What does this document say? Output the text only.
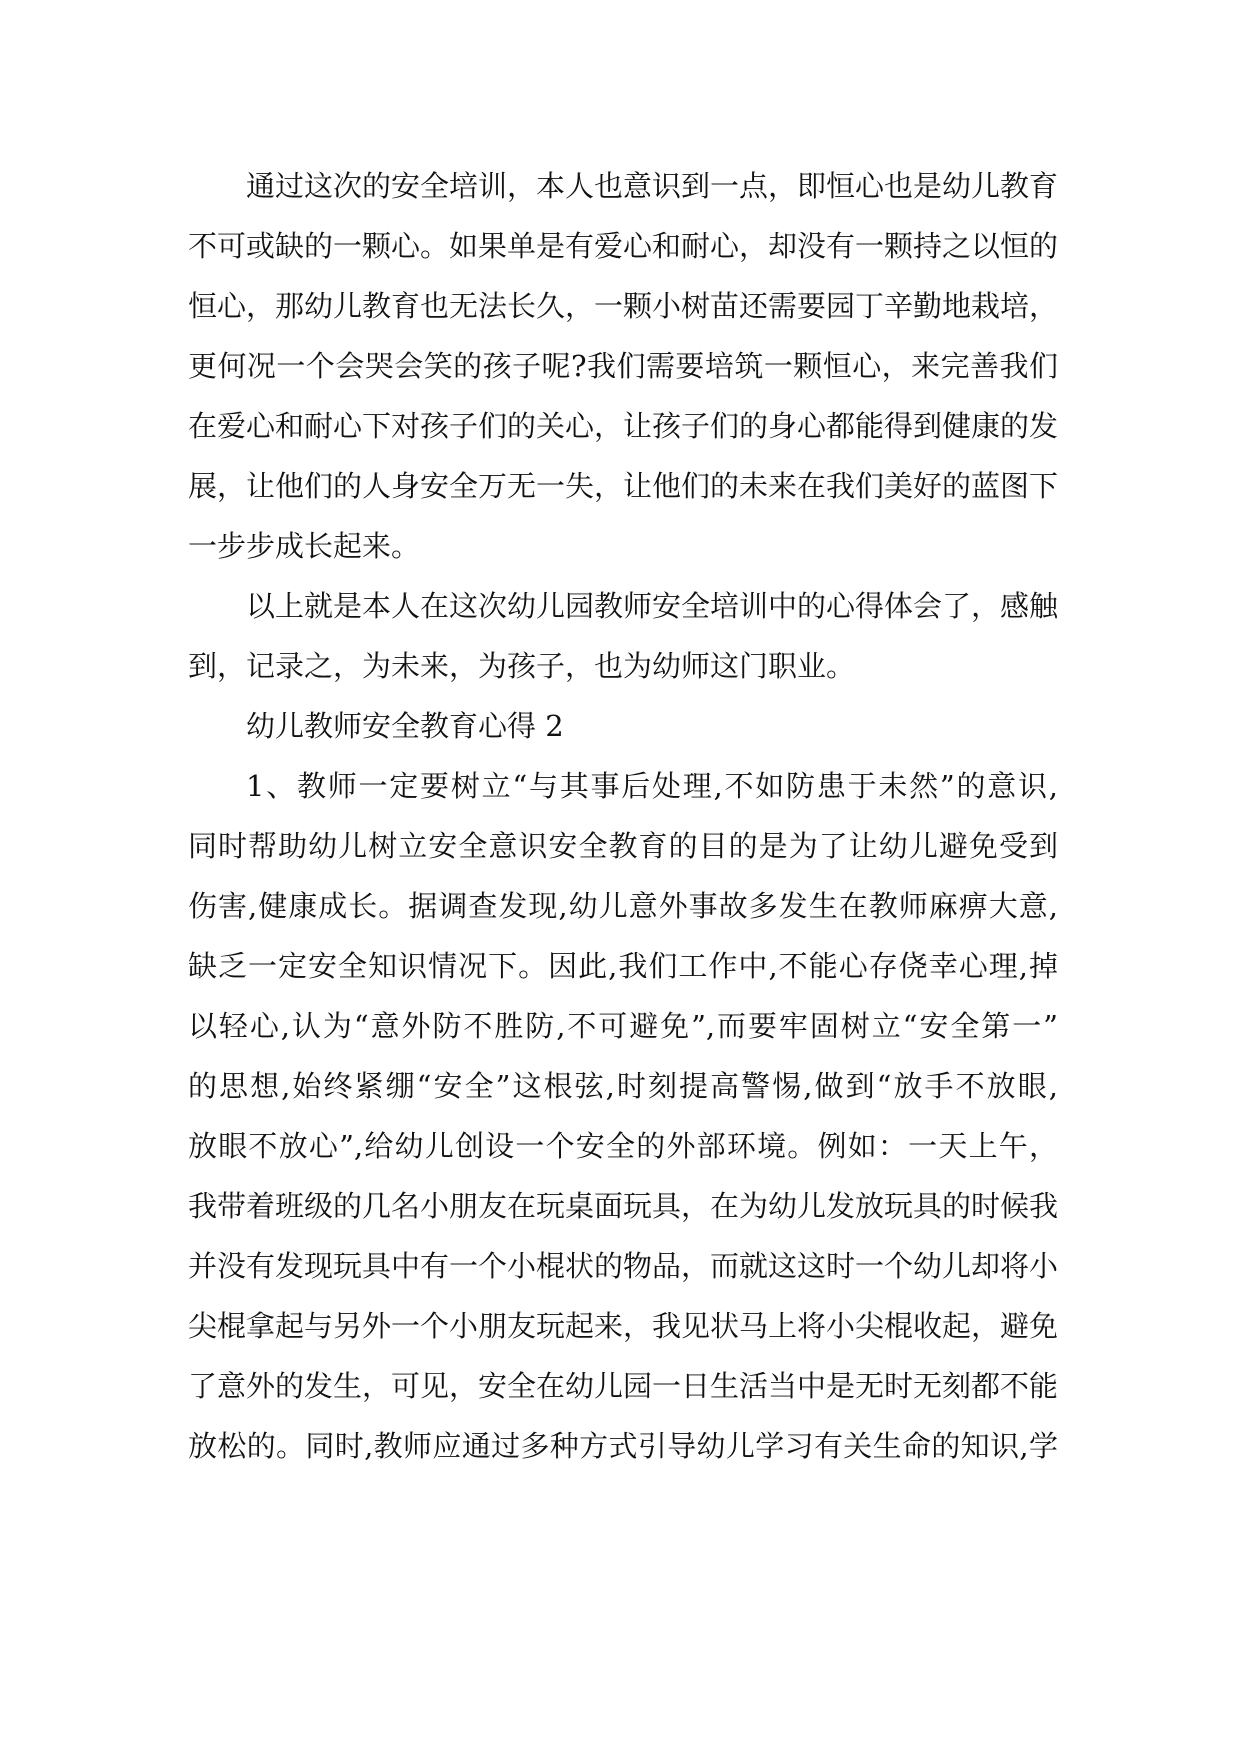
通过这次的安全培训，本人也意识到一点，即恒心也是幼儿教育
不可或缺的一颗心。如果单是有爱心和耐心，却没有一颗持之以恒的
恒心，那幼儿教育也无法长久，一颗小树苗还需要园丁辛勤地栽培，
更何况一个会哭会笑的孩子呢?我们需要培筑一颗恒心，来完善我们
在爱心和耐心下对孩子们的关心，让孩子们的身心都能得到健康的发
展，让他们的人身安全万无一失，让他们的未来在我们美好的蓝图下
一步步成长起来。
以上就是本人在这次幼儿园教师安全培训中的心得体会了，感触
到，记录之，为未来，为孩子，也为幼师这门职业。
幼儿教师安全教育心得 2
1、教师一定要树立“与其事后处理,不如防患于未然”的意识,
同时帮助幼儿树立安全意识安全教育的目的是为了让幼儿避免受到
伤害,健康成长。据调查发现,幼儿意外事故多发生在教师麻痹大意,
缺乏一定安全知识情况下。因此,我们工作中,不能心存侥幸心理,掉
以轻心,认为“意外防不胜防,不可避免”,而要牢固树立“安全第一”
的思想,始终紧绷“安全”这根弦,时刻提高警惕,做到“放手不放眼,
放眼不放心”,给幼儿创设一个安全的外部环境。例如：一天上午，
我带着班级的几名小朋友在玩桌面玩具，在为幼儿发放玩具的时候我
并没有发现玩具中有一个小棍状的物品，而就这这时一个幼儿却将小
尖棍拿起与另外一个小朋友玩起来，我见状马上将小尖棍收起，避免
了意外的发生，可见，安全在幼儿园一日生活当中是无时无刻都不能
放松的。同时,教师应通过多种方式引导幼儿学习有关生命的知识,学
